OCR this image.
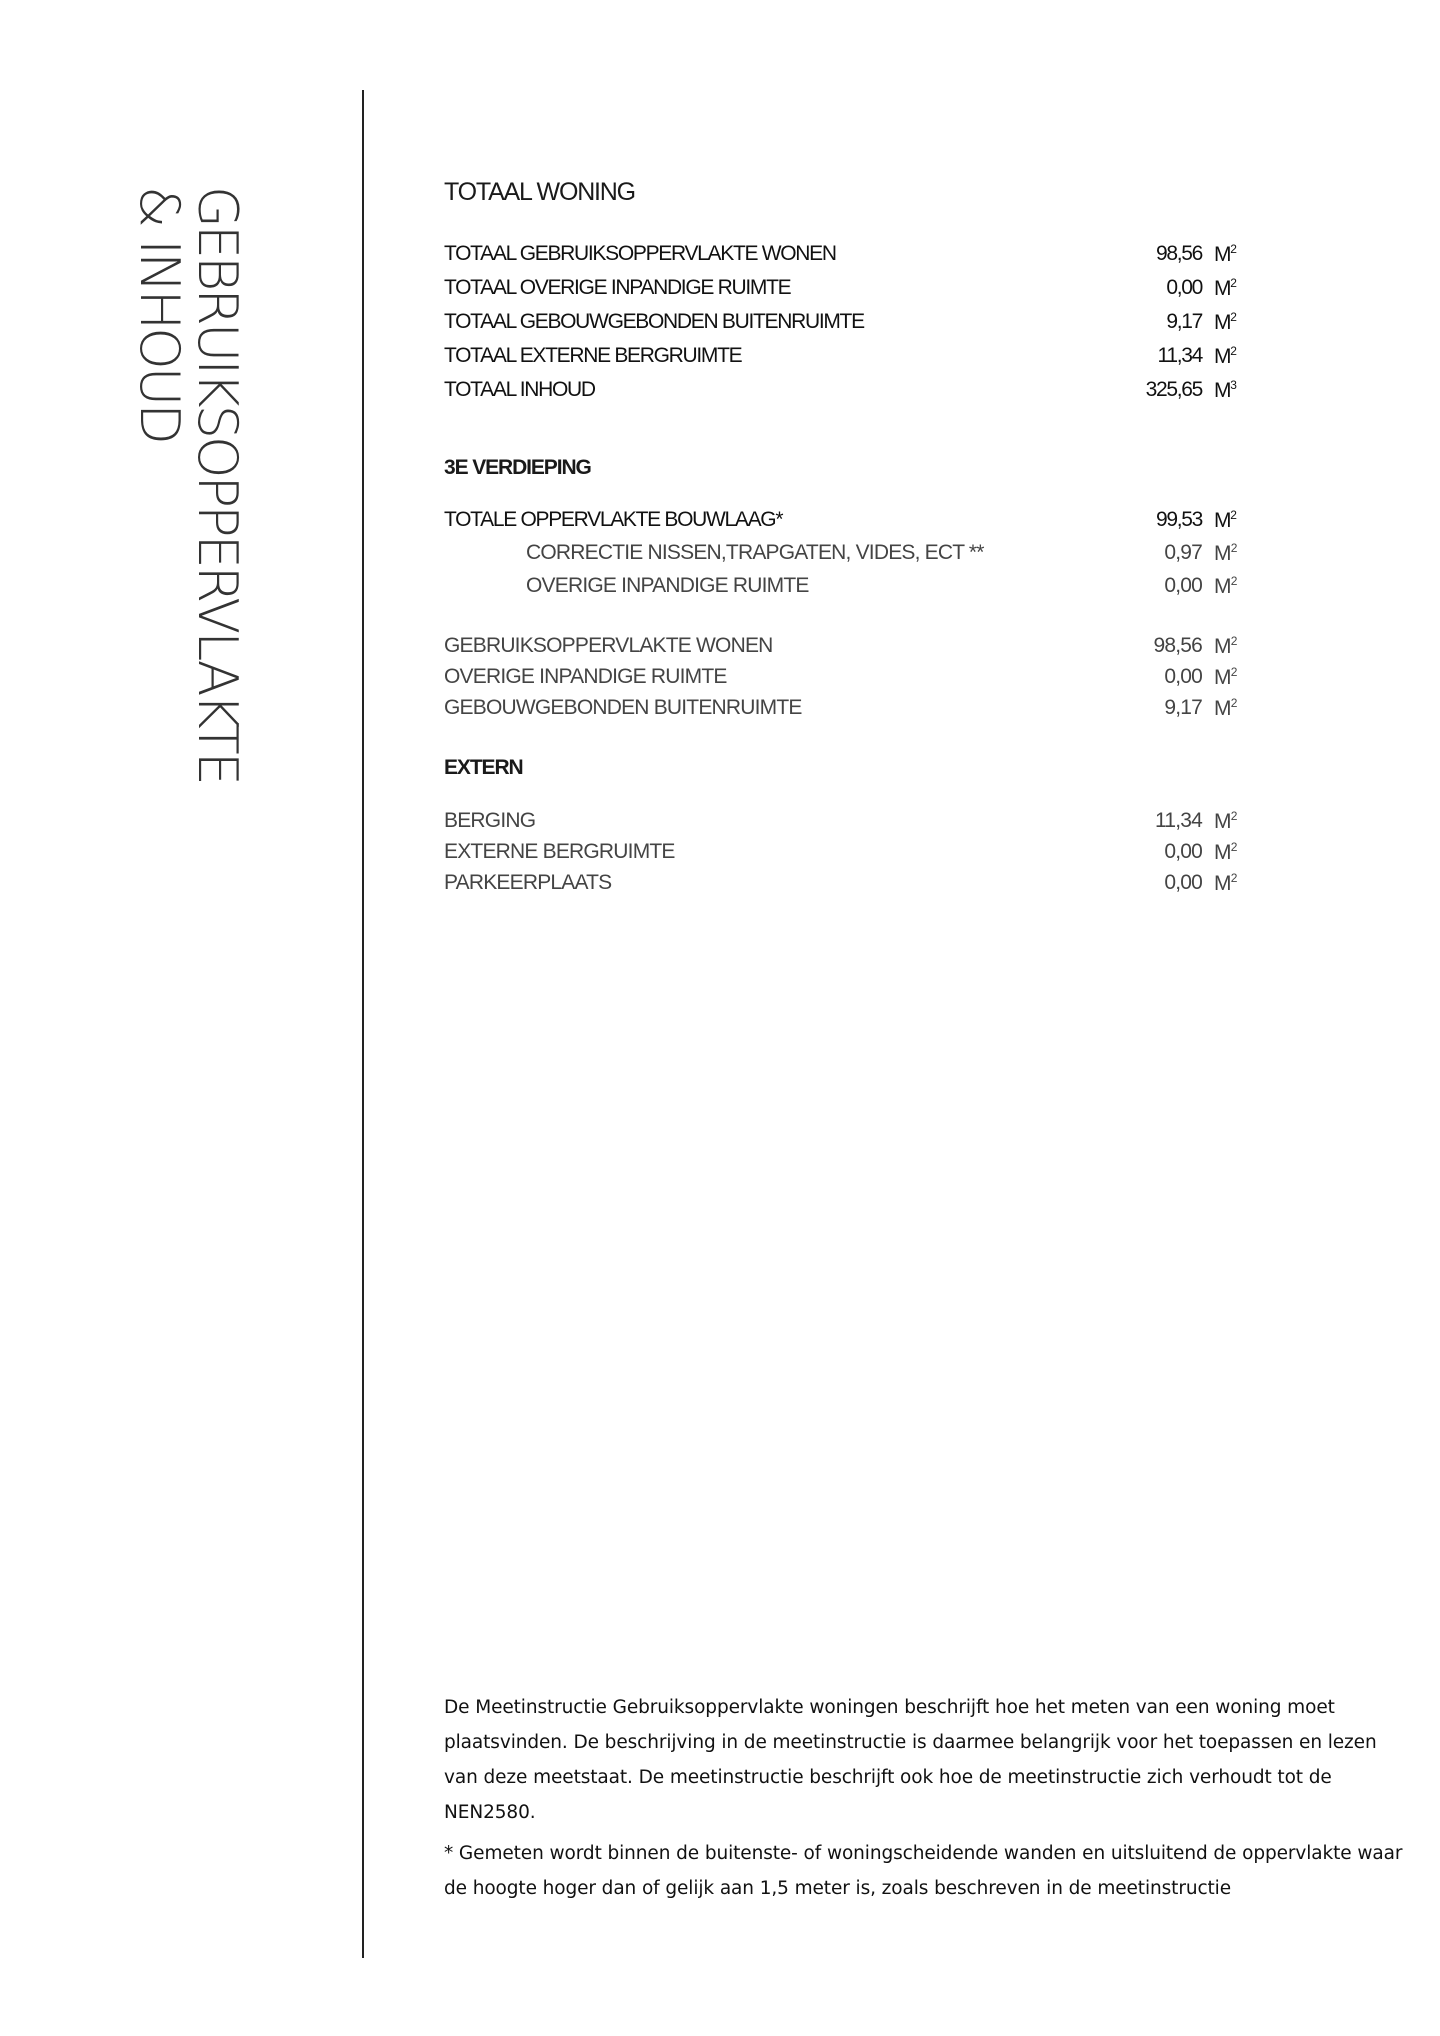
GEBRUIKSOPPERVLAKTE
& INHOUD	TOTAAL WONING
TOTAAL GEBRUIKSOPPERVLAKTE WONEN	98,56 $M^2$
TOTAAL OVERIGE INPANDIGE RUIMTE	0,00 $M^2$
TOTAAL GEBOUWGEBONDEN BUITENRUIMTE	9,17 $M^2$
TOTAAL EXTERNE BERGRUIMTE	11,34 $M^2$
TOTAAL INHOUD	325,65 $M^3$
3E VERDIEPING
TOTALE OPPERVLAKTE BOUWLAAG*	99,53 $M^2$
CORRECTIE NISSEN,TRAPGATEN, VIDES, ECT **	0,97 $M^2$
OVERIGE INPANDIGE RUIMTE	0,00 $M^2$
GEBRUIKSOPPERVLAKTE WONEN	98,56 $M^2$
OVERIGE INPANDIGE RUIMTE	0,00 $M^2$
GEBOUWGEBONDEN BUITENRUIMTE	9,17 $M^2$
EXTERN
BERGING	11,34 $M^2$
EXTERNE BERGRUIMTE	0,00 $M^2$
PARKEERPLAATS	0,00 $M^2$

De Meetinstructie Gebruiksoppervlakte woningen beschrijft hoe het meten van een woning moet plaatsvinden. De beschrijving in de meetinstructie is daarmee belangrijk voor het toepassen en lezen van deze meetstaat. De meetinstructie beschrijft ook hoe de meetinstructie zich verhoudt tot de NEN2580.

* Gemeten wordt binnen de buitenste- of woningscheidende wanden en uitsluitend de oppervlakte waar de hoogte hoger dan of gelijk aan 1,5 meter is, zoals beschreven in de meetinstructie
